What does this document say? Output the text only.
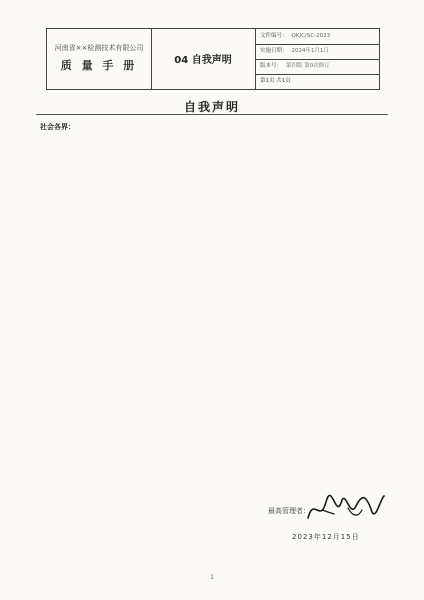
河南省××检测技术有限公司
质 量 手 册	04 自我声明
文件编号： QKJC/SC-2023
实施日期： 2024年1月1日
版本号： 第四版 第0次修订
第1页 共1页
自我声明
社会各界：
最高管理者：
2023年12月15日
1
